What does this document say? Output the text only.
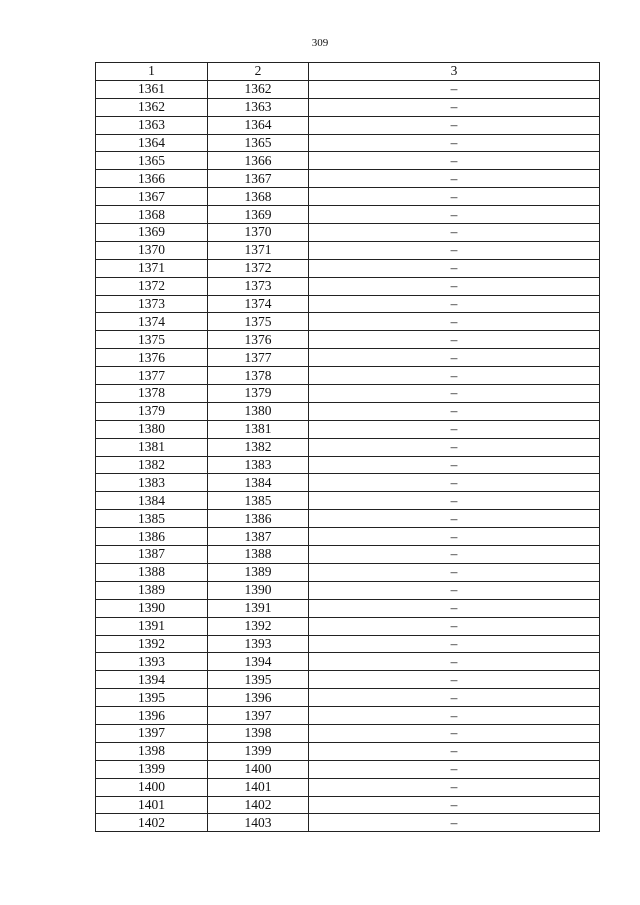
309
1	2	3
1361	1362	–
1362	1363	–
1363	1364	–
1364	1365	–
1365	1366	–
1366	1367	–
1367	1368	–
1368	1369	–
1369	1370	–
1370	1371	–
1371	1372	–
1372	1373	–
1373	1374	–
1374	1375	–
1375	1376	–
1376	1377	–
1377	1378	–
1378	1379	–
1379	1380	–
1380	1381	–
1381	1382	–
1382	1383	–
1383	1384	–
1384	1385	–
1385	1386	–
1386	1387	–
1387	1388	–
1388	1389	–
1389	1390	–
1390	1391	–
1391	1392	–
1392	1393	–
1393	1394	–
1394	1395	–
1395	1396	–
1396	1397	–
1397	1398	–
1398	1399	–
1399	1400	–
1400	1401	–
1401	1402	–
1402	1403	–
